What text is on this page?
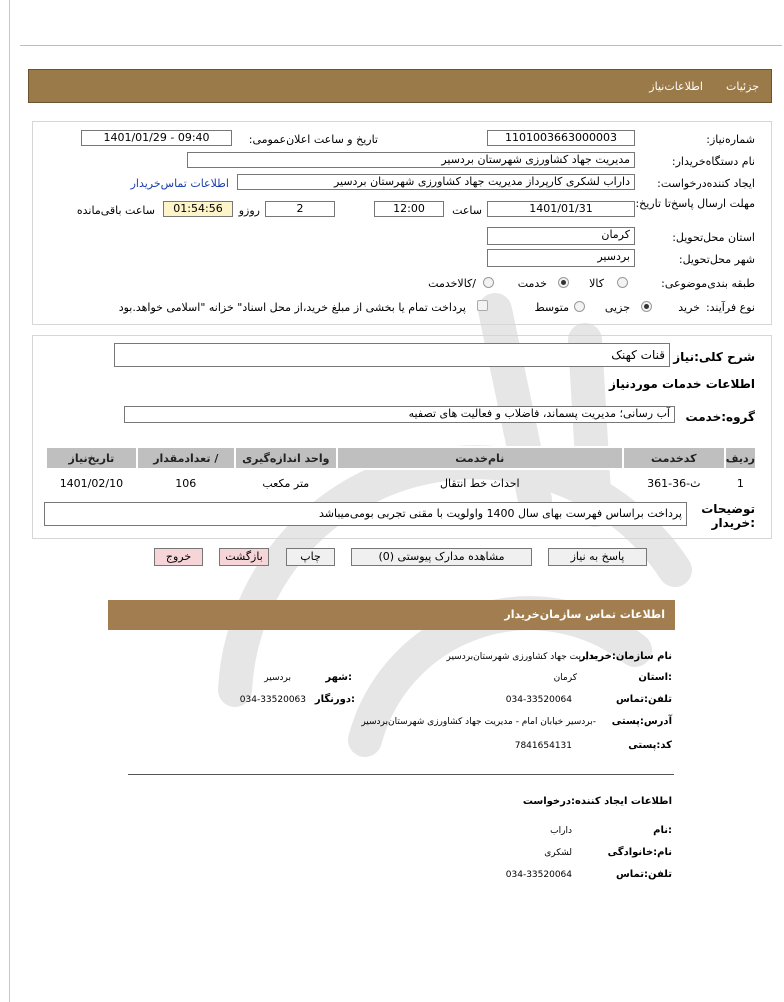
جزئیات
اطلاعات‌نیاز
شماره‌نیاز:
1101003663000003
تاریخ و ساعت اعلان‌عمومی:
1401/01/29 - 09:40
نام دستگاه‌خریدار:
مدیریت جهاد کشاورزی شهرستان بردسیر
ایجاد کننده‌درخواست:
داراب لشکری کارپرداز مدیریت جهاد کشاورزی شهرستان بردسیر
اطلاعات تماس‌خریدار
مهلت ارسال پاسخ‌تا تاریخ:
1401/01/31
ساعت
12:00
2
روزو
01:54:56
ساعت باقی‌مانده
استان محل‌تحویل:
کرمان
شهر محل‌تحویل:
بردسیر
طبقه بندی‌موضوعی:
کالا
خدمت
/کالاخدمت
نوع فرآیند:
خرید
جزیی
متوسط
پرداخت تمام یا بخشی از مبلغ خرید،از محل اسناد" خزانه "اسلامی خواهد.بود
شرح کلی‌:نیاز
قنات کهنک
اطلاعات خدمات موردنیاز
گروه:خدمت
آب رسانی؛ مدیریت پسماند، فاضلاب و فعالیت های تصفیه
ردیف	کدخدمت	نام‌خدمت	واحد اندازه‌گیری	/ تعدادمقدار	تاریخ‌نیاز
1	ث-36-361	احداث خط انتقال	متر مکعب	106	1401/02/10
توضیحات :خریدار
پرداخت براساس فهرست بهای سال 1400 واولویت با مقنی تجربی بومی‌میباشد
پاسخ به نیاز
مشاهده مدارک پیوستی (0)
چاپ
بازگشت
خروج
اطلاعات تماس سازمان‌خریدار
نام سازمان:خریدار
مدیریت جهاد کشاورزی شهرستان‌بردسیر
:استان
کرمان
:شهر
بردسیر
تلفن:تماس
034-33520064
:دورنگار
034-33520063
آدرس:پستی
-بردسیر خیابان امام - مدیریت جهاد کشاورزی شهرستان‌بردسیر
کد:پستی
7841654131
اطلاعات ایجاد کننده:درخواست
:نام
داراب
نام:خانوادگی
لشکری
تلفن:تماس
034-33520064
